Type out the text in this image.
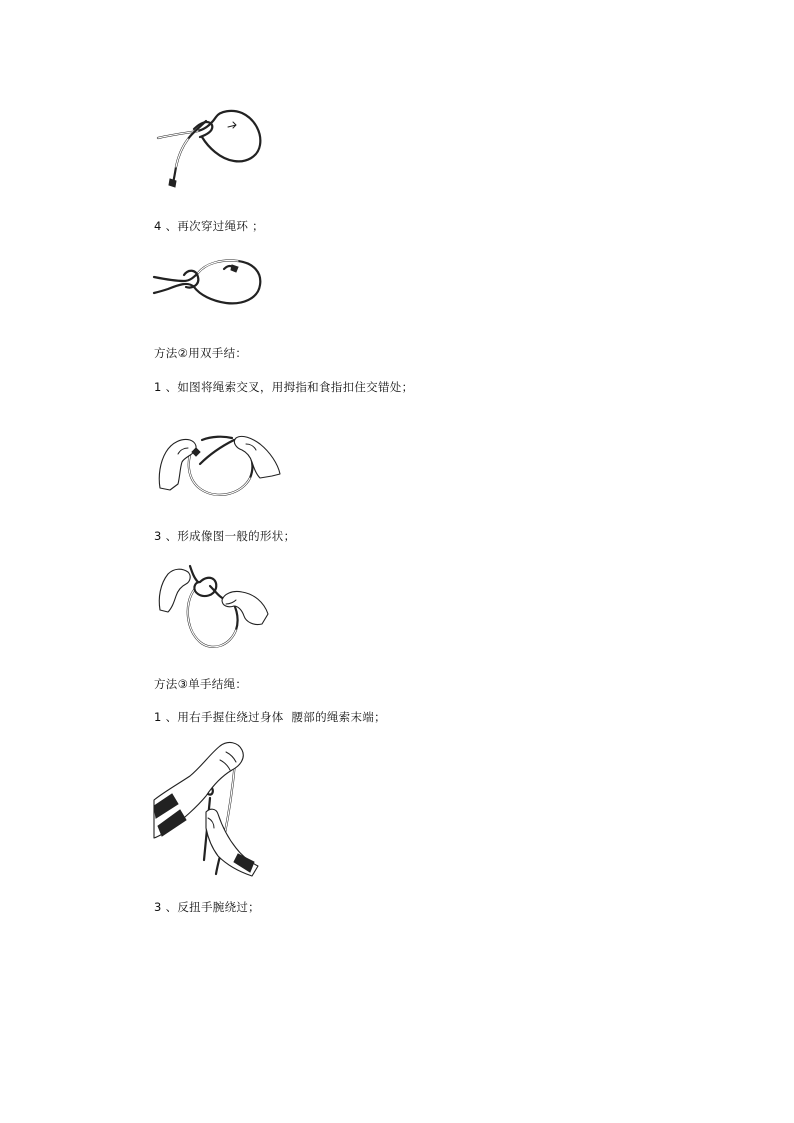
4 、再次穿过绳环 ；
方法②用双手结：
1 、如图将绳索交叉，用拇指和食指扣住交错处；
3 、形成像图一般的形状；
方法③单手结绳：
1 、用右手握住绕过身体  腰部的绳索末端；
3 、反扭手腕绕过；
